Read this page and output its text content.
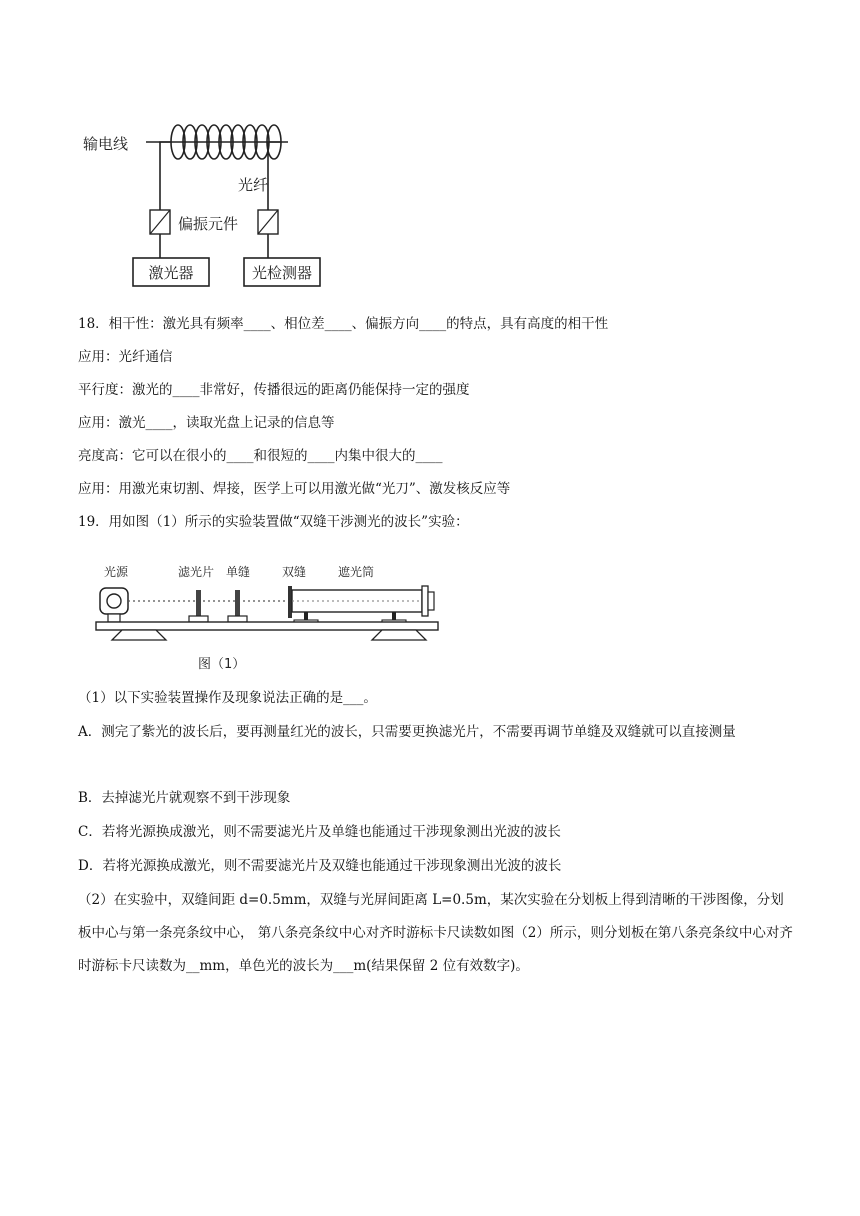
输电线
光纤
偏振元件
激光器	光检测器
18．相干性：激光具有频率____、相位差____、偏振方向____的特点，具有高度的相干性
应用：光纤通信
平行度：激光的____非常好，传播很远的距离仍能保持一定的强度
应用：激光____，读取光盘上记录的信息等
亮度高：它可以在很小的____和很短的____内集中很大的____
应用：用激光束切割、焊接，医学上可以用激光做“光刀”、激发核反应等
19．用如图（1）所示的实验装置做“双缝干涉测光的波长”实验：
光源	滤光片 单缝	双缝	遮光筒
图（1）
（1）以下实验装置操作及现象说法正确的是___。
A．测完了紫光的波长后，要再测量红光的波长，只需要更换滤光片，不需要再调节单缝及双缝就可以直接测量
B．去掉滤光片就观察不到干涉现象
C．若将光源换成激光，则不需要滤光片及单缝也能通过干涉现象测出光波的波长
D．若将光源换成激光，则不需要滤光片及双缝也能通过干涉现象测出光波的波长
（2）在实验中，双缝间距 d=0.5mm，双缝与光屏间距离 L=0.5m，某次实验在分划板上得到清晰的干涉图像，分划板中心与第一条亮条纹中心， 第八条亮条纹中心对齐时游标卡尺读数如图（2）所示，则分划板在第八条亮条纹中心对齐时游标卡尺读数为__mm，单色光的波长为___m(结果保留 2 位有效数字)。
